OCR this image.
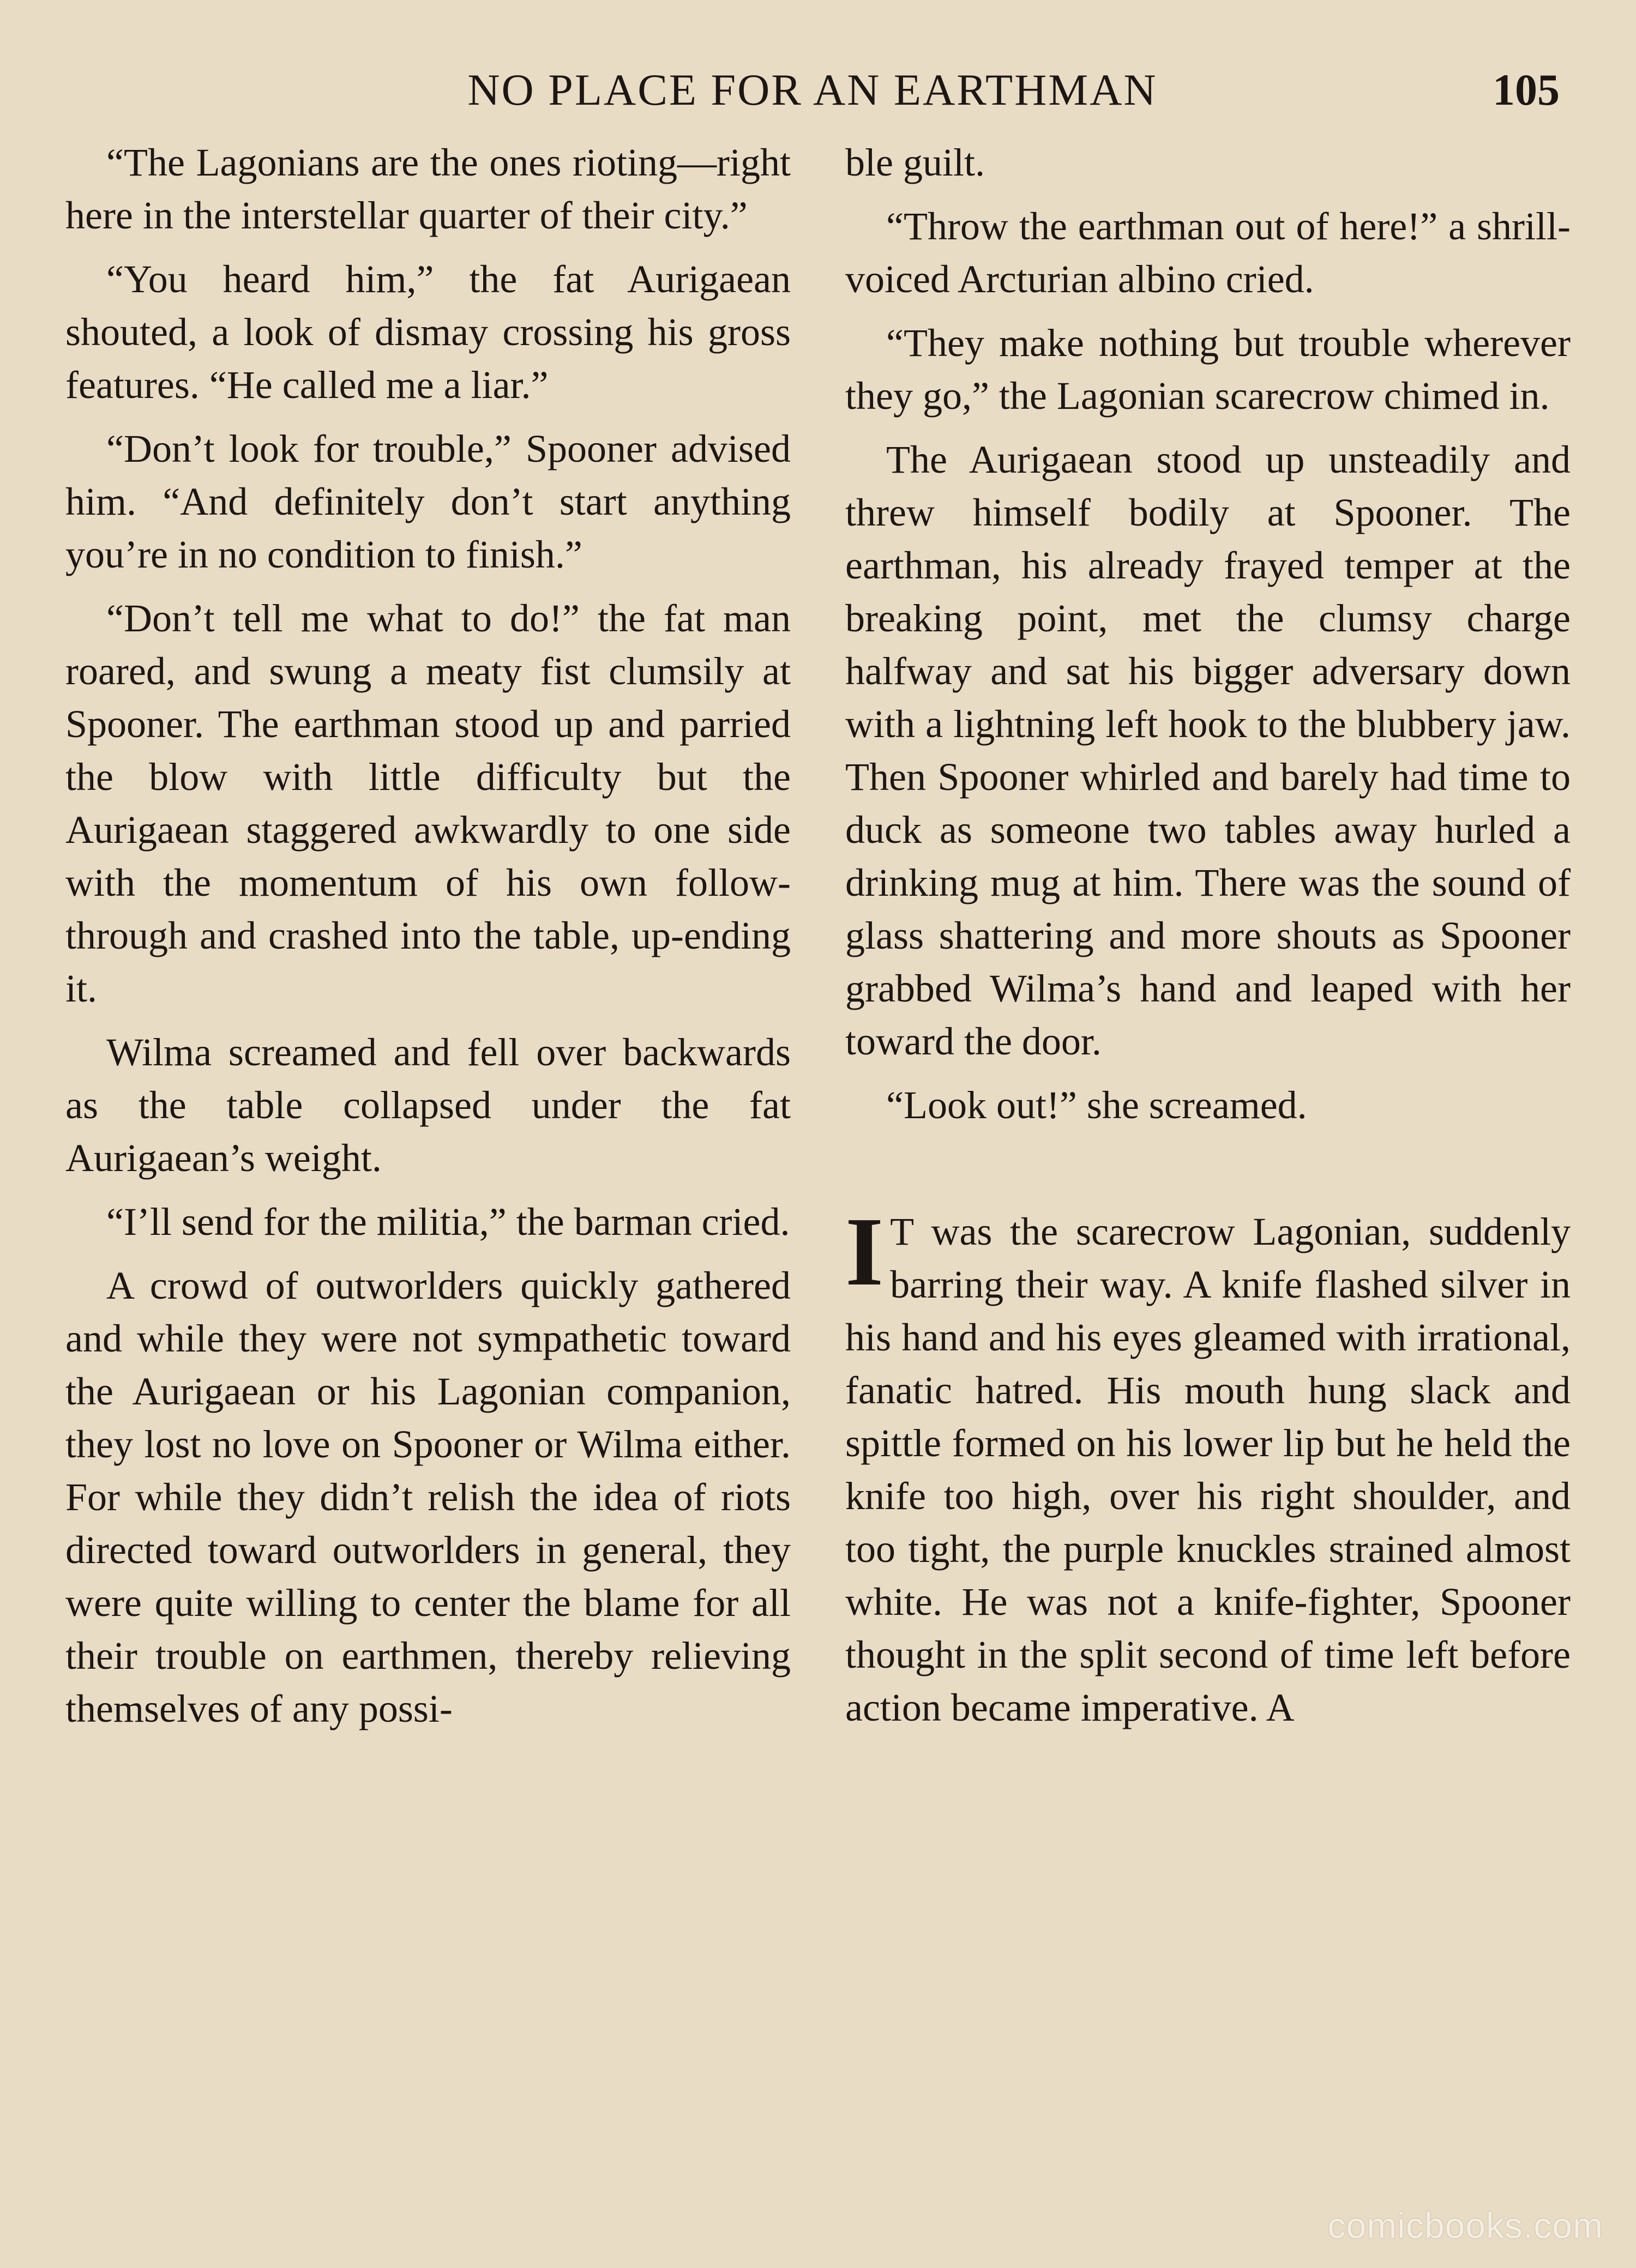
NO PLACE FOR AN EARTHMAN	105

“The Lagonians are the ones rioting—right here in the interstellar quarter of their city.”

“You heard him,” the fat Aurigaean shouted, a look of dismay crossing his gross features. “He called me a liar.”

“Don’t look for trouble,” Spooner advised him. “And definitely don’t start anything you’re in no condition to finish.”

“Don’t tell me what to do!” the fat man roared, and swung a meaty fist clumsily at Spooner. The earthman stood up and parried the blow with little difficulty but the Aurigaean staggered awkwardly to one side with the momentum of his own follow-through and crashed into the table, up-ending it.

Wilma screamed and fell over backwards as the table collapsed under the fat Aurigaean’s weight.

“I’ll send for the militia,” the barman cried.

A crowd of outworlders quickly gathered and while they were not sympathetic toward the Aurigaean or his Lagonian companion, they lost no love on Spooner or Wilma either. For while they didn’t relish the idea of riots directed toward outworlders in general, they were quite willing to center the blame for all their trouble on earthmen, thereby relieving themselves of any possi-

ble guilt.

“Throw the earthman out of here!” a shrill-voiced Arcturian albino cried.

“They make nothing but trouble wherever they go,” the Lagonian scarecrow chimed in.

The Aurigaean stood up unsteadily and threw himself bodily at Spooner. The earthman, his already frayed temper at the breaking point, met the clumsy charge halfway and sat his bigger adversary down with a lightning left hook to the blubbery jaw. Then Spooner whirled and barely had time to duck as someone two tables away hurled a drinking mug at him. There was the sound of glass shattering and more shouts as Spooner grabbed Wilma’s hand and leaped with her toward the door.

“Look out!” she screamed.

I T was the scarecrow Lagonian, suddenly barring their way. A knife flashed silver in his hand and his eyes gleamed with irrational, fanatic hatred. His mouth hung slack and spittle formed on his lower lip but he held the knife too high, over his right shoulder, and too tight, the purple knuckles strained almost white. He was not a knife-fighter, Spooner thought in the split second of time left before action became imperative. A

comicbooks.com
